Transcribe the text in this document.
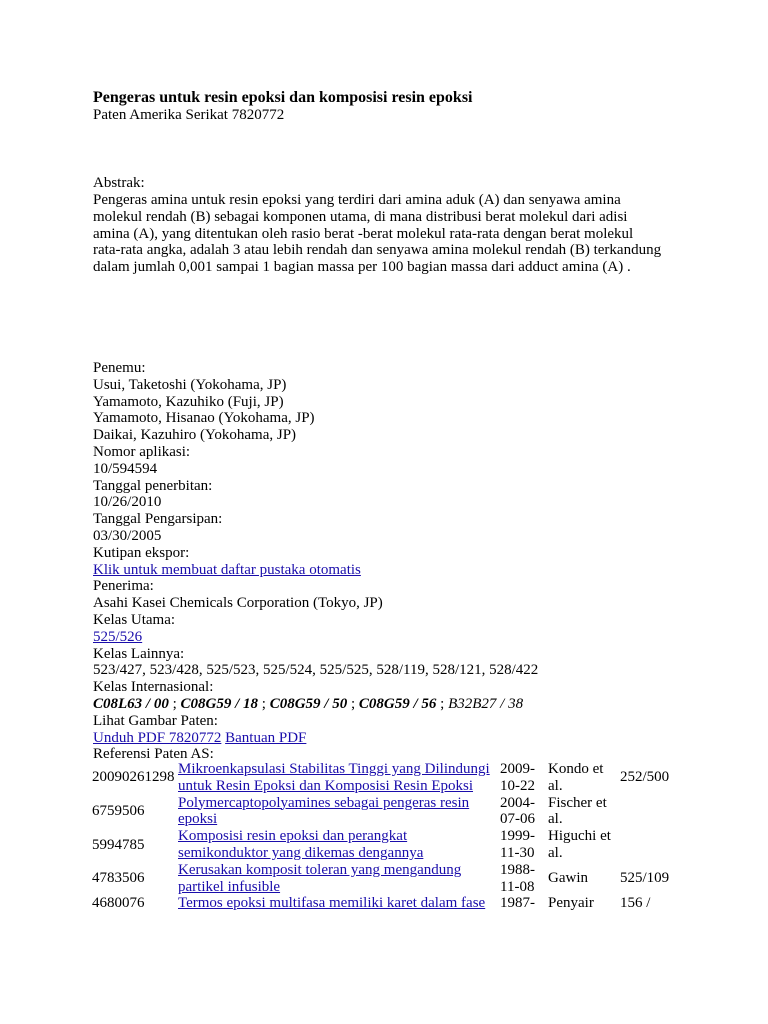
Pengeras untuk resin epoksi dan komposisi resin epoksi
Paten Amerika Serikat 7820772
Abstrak:
Pengeras amina untuk resin epoksi yang terdiri dari amina aduk (A) dan senyawa amina molekul rendah (B) sebagai komponen utama, di mana distribusi berat molekul dari adisi amina (A), yang ditentukan oleh rasio berat -berat molekul rata-rata dengan berat molekul rata-rata angka, adalah 3 atau lebih rendah dan senyawa amina molekul rendah (B) terkandung dalam jumlah 0,001 sampai 1 bagian massa per 100 bagian massa dari adduct amina (A) .
Penemu:
Usui, Taketoshi (Yokohama, JP)
Yamamoto, Kazuhiko (Fuji, JP)
Yamamoto, Hisanao (Yokohama, JP)
Daikai, Kazuhiro (Yokohama, JP)
Nomor aplikasi:
10/594594
Tanggal penerbitan:
10/26/2010
Tanggal Pengarsipan:
03/30/2005
Kutipan ekspor:
Klik untuk membuat daftar pustaka otomatis
Penerima:
Asahi Kasei Chemicals Corporation (Tokyo, JP)
Kelas Utama:
525/526
Kelas Lainnya:
523/427, 523/428, 525/523, 525/524, 525/525, 528/119, 528/121, 528/422
Kelas Internasional:
C08L63 / 00 ; C08G59 / 18 ; C08G59 / 50 ; C08G59 / 56 ; B32B27 / 38
Lihat Gambar Paten:
Unduh PDF 7820772 Bantuan PDF
Referensi Paten AS:
20090261298	Mikroenkapsulasi Stabilitas Tinggi yang Dilindungi untuk Resin Epoksi dan Komposisi Resin Epoksi	2009-10-22	Kondo et al.	252/500
6759506	Polymercaptopolyamines sebagai pengeras resin epoksi	2004-07-06	Fischer et al.	
5994785	Komposisi resin epoksi dan perangkat semikonduktor yang dikemas dengannya	1999-11-30	Higuchi et al.	
4783506	Kerusakan komposit toleran yang mengandung partikel infusible	1988-11-08	Gawin	525/109
4680076	Termos epoksi multifasa memiliki karet dalam fase	1987-	Penyair	156 /
